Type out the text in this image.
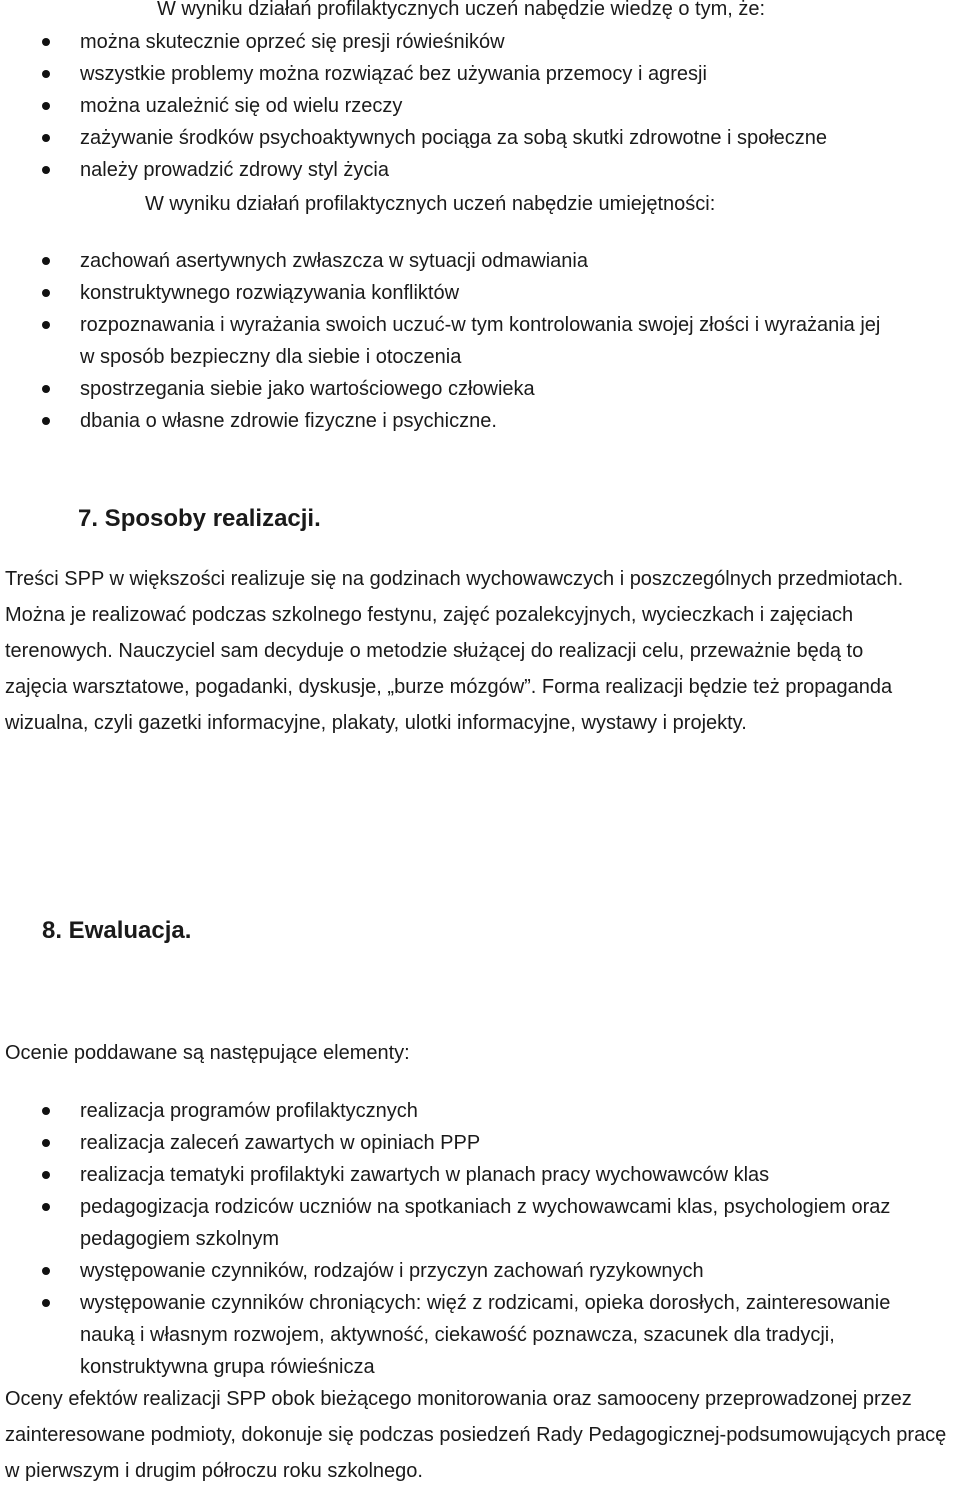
W wyniku działań profilaktycznych uczeń nabędzie wiedzę o tym, że:
można skutecznie oprzeć się presji rówieśników
wszystkie problemy można rozwiązać bez używania przemocy i agresji
można uzależnić się od wielu rzeczy
zażywanie środków psychoaktywnych pociąga za sobą skutki zdrowotne i społeczne
należy prowadzić zdrowy styl życia
W wyniku działań profilaktycznych uczeń nabędzie umiejętności:
zachowań asertywnych zwłaszcza w sytuacji odmawiania
konstruktywnego rozwiązywania konfliktów
rozpoznawania i wyrażania swoich uczuć-w tym kontrolowania swojej złości i wyrażania jej w sposób bezpieczny dla siebie i otoczenia
spostrzegania siebie jako wartościowego człowieka
dbania o własne zdrowie fizyczne i psychiczne.
7. Sposoby realizacji.
Treści SPP w większości realizuje się na godzinach wychowawczych i poszczególnych przedmiotach. Można je realizować podczas szkolnego festynu, zajęć pozalekcyjnych, wycieczkach i zajęciach terenowych. Nauczyciel sam decyduje o metodzie służącej do realizacji celu, przeważnie będą to zajęcia warsztatowe, pogadanki, dyskusje, „burze mózgów”. Forma realizacji będzie też propaganda wizualna, czyli gazetki informacyjne, plakaty, ulotki informacyjne, wystawy i projekty.
8. Ewaluacja.
Ocenie poddawane są następujące elementy:
realizacja programów profilaktycznych
realizacja zaleceń zawartych w opiniach PPP
realizacja tematyki profilaktyki zawartych w planach pracy wychowawców klas
pedagogizacja rodziców uczniów na spotkaniach z wychowawcami klas, psychologiem oraz pedagogiem szkolnym
występowanie czynników, rodzajów i przyczyn zachowań ryzykownych
występowanie czynników chroniących: więź z rodzicami, opieka dorosłych, zainteresowanie nauką i własnym rozwojem, aktywność, ciekawość poznawcza, szacunek dla tradycji, konstruktywna grupa rówieśnicza
Oceny efektów realizacji SPP obok bieżącego monitorowania oraz samooceny przeprowadzonej przez zainteresowane podmioty, dokonuje się podczas posiedzeń Rady Pedagogicznej-podsumowujących pracę w pierwszym i drugim półroczu roku szkolnego.
